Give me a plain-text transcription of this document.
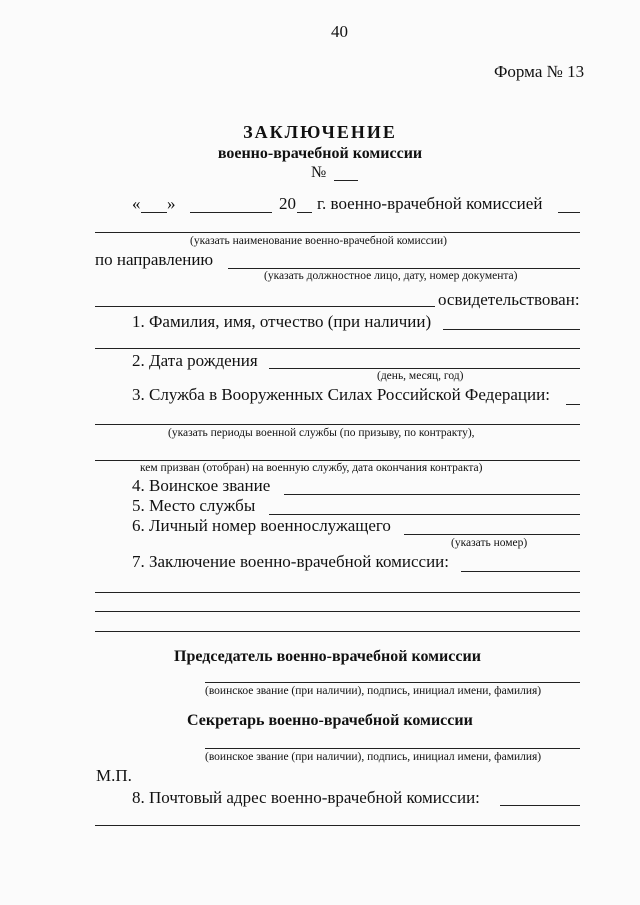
40
Форма № 13
ЗАКЛЮЧЕНИЕ
военно-врачебной комиссии
№
« »	20 г. военно-врачебной комиссией
(указать наименование военно-врачебной комиссии)
по направлению
(указать должностное лицо, дату, номер документа)
освидетельствован:
1. Фамилия, имя, отчество (при наличии)
2. Дата рождения
(день, месяц, год)
3. Служба в Вооруженных Силах Российской Федерации:
(указать периоды военной службы (по призыву, по контракту),
кем призван (отобран) на военную службу, дата окончания контракта)
4. Воинское звание
5. Место службы
6. Личный номер военнослужащего
(указать номер)
7. Заключение военно-врачебной комиссии:
Председатель военно-врачебной комиссии
(воинское звание (при наличии), подпись, инициал имени, фамилия)
Секретарь военно-врачебной комиссии
(воинское звание (при наличии), подпись, инициал имени, фамилия)
М.П.
8. Почтовый адрес военно-врачебной комиссии:
